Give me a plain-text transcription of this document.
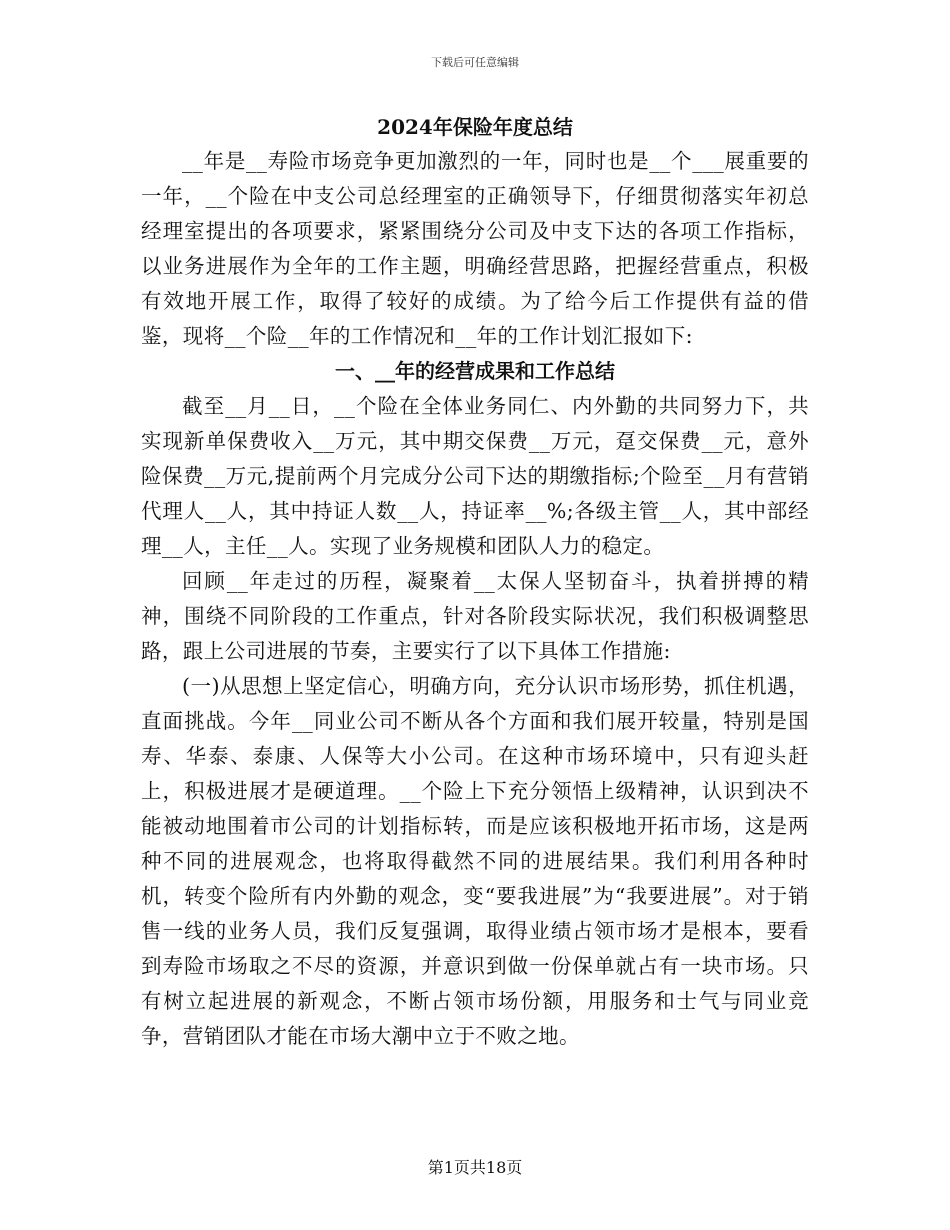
下载后可任意编辑
2024年保险年度总结

__年是__寿险市场竞争更加激烈的一年，同时也是__个___展重要的一年，__个险在中支公司总经理室的正确领导下，仔细贯彻落实年初总经理室提出的各项要求，紧紧围绕分公司及中支下达的各项工作指标，以业务进展作为全年的工作主题，明确经营思路，把握经营重点，积极有效地开展工作，取得了较好的成绩。为了给今后工作提供有益的借鉴，现将__个险__年的工作情况和__年的工作计划汇报如下:

一、__年的经营成果和工作总结

截至__月__日，__个险在全体业务同仁、内外勤的共同努力下，共实现新单保费收入__万元，其中期交保费__万元，趸交保费__元，意外险保费__万元,提前两个月完成分公司下达的期缴指标;个险至__月有营销代理人__人，其中持证人数__人，持证率__%;各级主管__人，其中部经理__人，主任__人。实现了业务规模和团队人力的稳定。

回顾__年走过的历程，凝聚着__太保人坚韧奋斗，执着拼搏的精神，围绕不同阶段的工作重点，针对各阶段实际状况，我们积极调整思路，跟上公司进展的节奏，主要实行了以下具体工作措施:

(一)从思想上坚定信心，明确方向，充分认识市场形势，抓住机遇，直面挑战。今年__同业公司不断从各个方面和我们展开较量，特别是国寿、华泰、泰康、人保等大小公司。在这种市场环境中，只有迎头赶上，积极进展才是硬道理。__个险上下充分领悟上级精神，认识到决不能被动地围着市公司的计划指标转，而是应该积极地开拓市场，这是两种不同的进展观念，也将取得截然不同的进展结果。我们利用各种时机，转变个险所有内外勤的观念，变“要我进展”为“我要进展”。对于销售一线的业务人员，我们反复强调，取得业绩占领市场才是根本，要看到寿险市场取之不尽的资源，并意识到做一份保单就占有一块市场。只有树立起进展的新观念，不断占领市场份额，用服务和士气与同业竞争，营销团队才能在市场大潮中立于不败之地。

第1页共18页
